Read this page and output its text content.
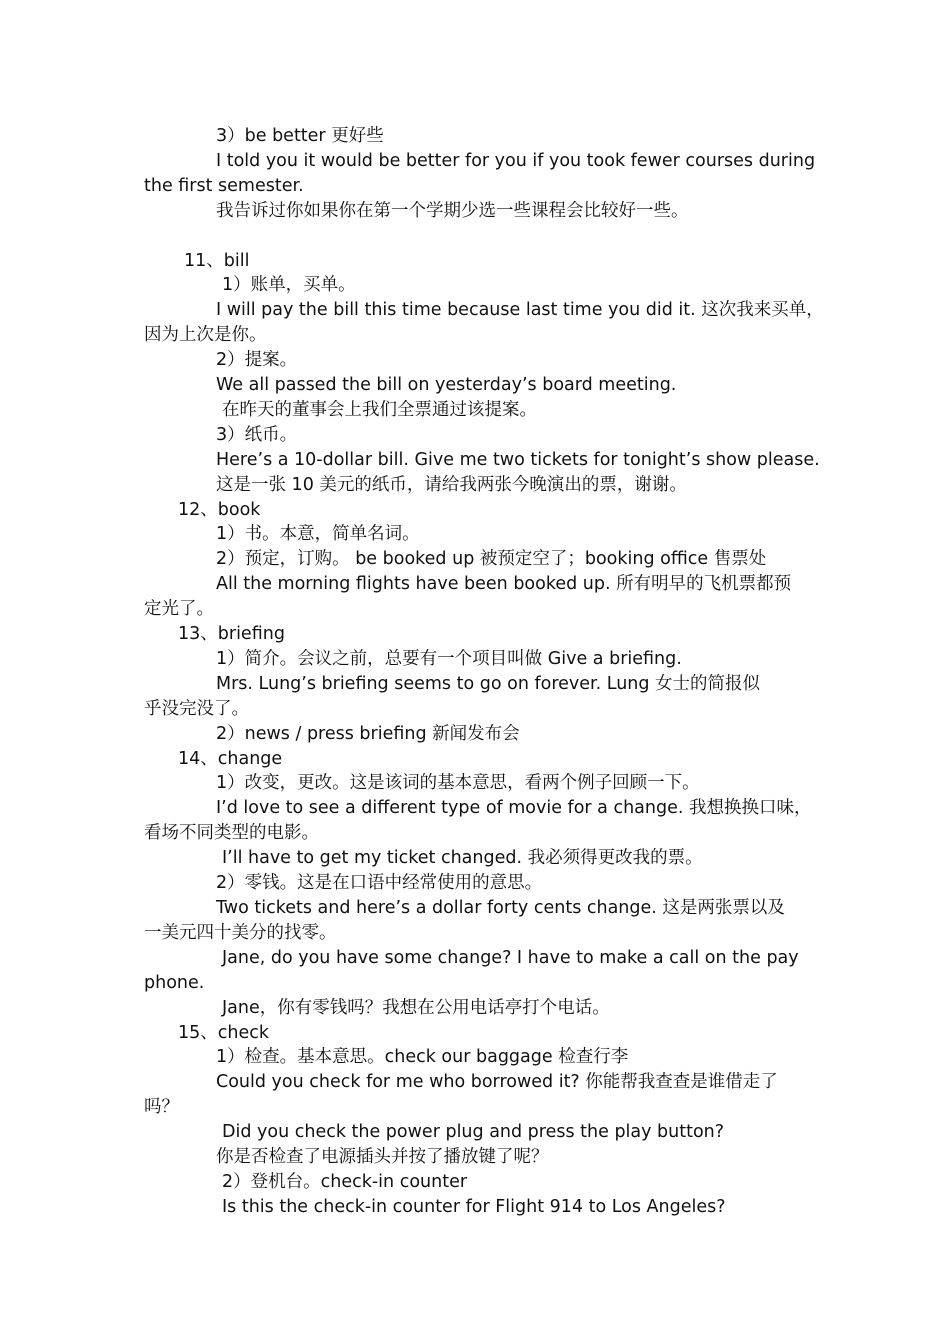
3）be better 更好些
I told you it would be better for you if you took fewer courses during
the first semester.
我告诉过你如果你在第一个学期少选一些课程会比较好一些。
11、bill
1）账单，买单。
I will pay the bill this time because last time you did it. 这次我来买单，
因为上次是你。
2）提案。
We all passed the bill on yesterday’s board meeting.
在昨天的董事会上我们全票通过该提案。
3）纸币。
Here’s a 10-dollar bill. Give me two tickets for tonight’s show please.
这是一张 10 美元的纸币，请给我两张今晚演出的票，谢谢。
12、book
1）书。本意，简单名词。
2）预定，订购。 be booked up 被预定空了；booking office 售票处
All the morning flights have been booked up. 所有明早的飞机票都预
定光了。
13、briefing
1）简介。会议之前，总要有一个项目叫做 Give a briefing.
Mrs. Lung’s briefing seems to go on forever. Lung 女士的简报似
乎没完没了。
2）news / press briefing 新闻发布会
14、change
1）改变，更改。这是该词的基本意思，看两个例子回顾一下。
I’d love to see a different type of movie for a change. 我想换换口味，
看场不同类型的电影。
I’ll have to get my ticket changed. 我必须得更改我的票。
2）零钱。这是在口语中经常使用的意思。
Two tickets and here’s a dollar forty cents change. 这是两张票以及
一美元四十美分的找零。
Jane, do you have some change? I have to make a call on the pay
phone.
Jane，你有零钱吗？我想在公用电话亭打个电话。
15、check
1）检查。基本意思。check our baggage 检查行李
Could you check for me who borrowed it? 你能帮我查查是谁借走了
吗？
Did you check the power plug and press the play button?
你是否检查了电源插头并按了播放键了呢？
2）登机台。check-in counter
Is this the check-in counter for Flight 914 to Los Angeles?
